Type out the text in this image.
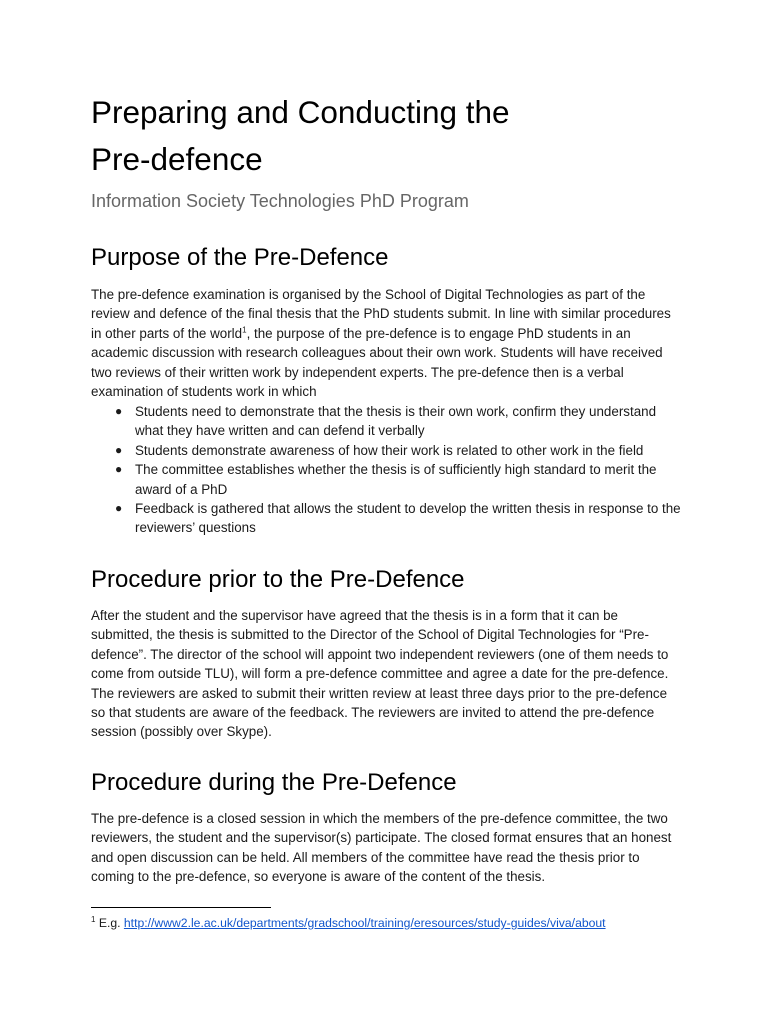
Preparing and Conducting the
Pre-defence

Information Society Technologies PhD Program

Purpose of the Pre-Defence

The pre-defence examination is organised by the School of Digital Technologies as part of the review and defence of the final thesis that the PhD students submit. In line with similar procedures in other parts of the world$^1$, the purpose of the pre-defence is to engage PhD students in an academic discussion with research colleagues about their own work. Students will have received two reviews of their written work by independent experts. The pre-defence then is a verbal examination of students work in which

● Students need to demonstrate that the thesis is their own work, confirm they understand what they have written and can defend it verbally
● Students demonstrate awareness of how their work is related to other work in the field
● The committee establishes whether the thesis is of sufficiently high standard to merit the award of a PhD
● Feedback is gathered that allows the student to develop the written thesis in response to the reviewers’ questions
Procedure prior to the Pre-Defence

After the student and the supervisor have agreed that the thesis is in a form that it can be submitted, the thesis is submitted to the Director of the School of Digital Technologies for “Pre-defence”. The director of the school will appoint two independent reviewers (one of them needs to come from outside TLU), will form a pre-defence committee and agree a date for the pre-defence. The reviewers are asked to submit their written review at least three days prior to the pre-defence so that students are aware of the feedback. The reviewers are invited to attend the pre-defence session (possibly over Skype).

Procedure during the Pre-Defence

The pre-defence is a closed session in which the members of the pre-defence committee, the two reviewers, the student and the supervisor(s) participate. The closed format ensures that an honest and open discussion can be held. All members of the committee have read the thesis prior to coming to the pre-defence, so everyone is aware of the content of the thesis.

$^1$ E.g. http://www2.le.ac.uk/departments/gradschool/training/eresources/study-guides/viva/about
